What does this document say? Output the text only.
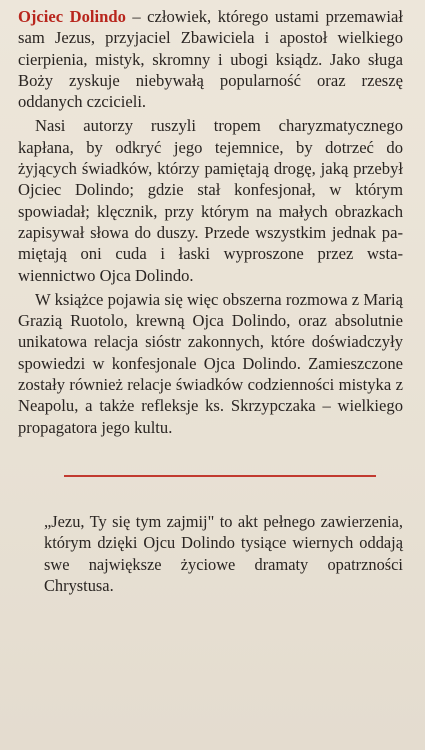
Ojciec Dolindo – człowiek, którego ustami przemawiał sam Jezus, przyjaciel Zbawiciela i apostoł wielkiego cierpienia, mistyk, skromny i ubogi ksiądz. Jako sługa Boży zyskuje niebywałą popularność oraz rzeszę oddanych czcicieli.

Nasi autorzy ruszyli tropem charyzmatycznego kapłana, by odkryć jego tejemnice, by dotrzeć do żyjących świadków, którzy pamiętają drogę, jaką przebył Ojciec Dolindo; gdzie stał konfesjonał, w którym spowiadał; klęcznik, przy którym na małych obrazkach zapisywał słowa do duszy. Przede wszystkim jednak pamiętają oni cuda i łaski wyproszone przez wstawiennictwo Ojca Dolindo.

W książce pojawia się więc obszerna rozmowa z Marią Grazią Ruotolo, krewną Ojca Dolindo, oraz absolutnie unikatowa relacja sióstr zakonnych, które doświadczyły spowiedzi w konfesjonale Ojca Dolindo. Zamieszczone zostały również relacje świadków codzienności mistyka z Neapolu, a także refleksje ks. Skrzypczaka – wielkiego propagatora jego kultu.

„Jezu, Ty się tym zajmij" to akt pełnego zawierzenia, którym dzięki Ojcu Dolindo tysiące wiernych oddają swe największe życiowe dramaty opatrzności Chrystusa.
